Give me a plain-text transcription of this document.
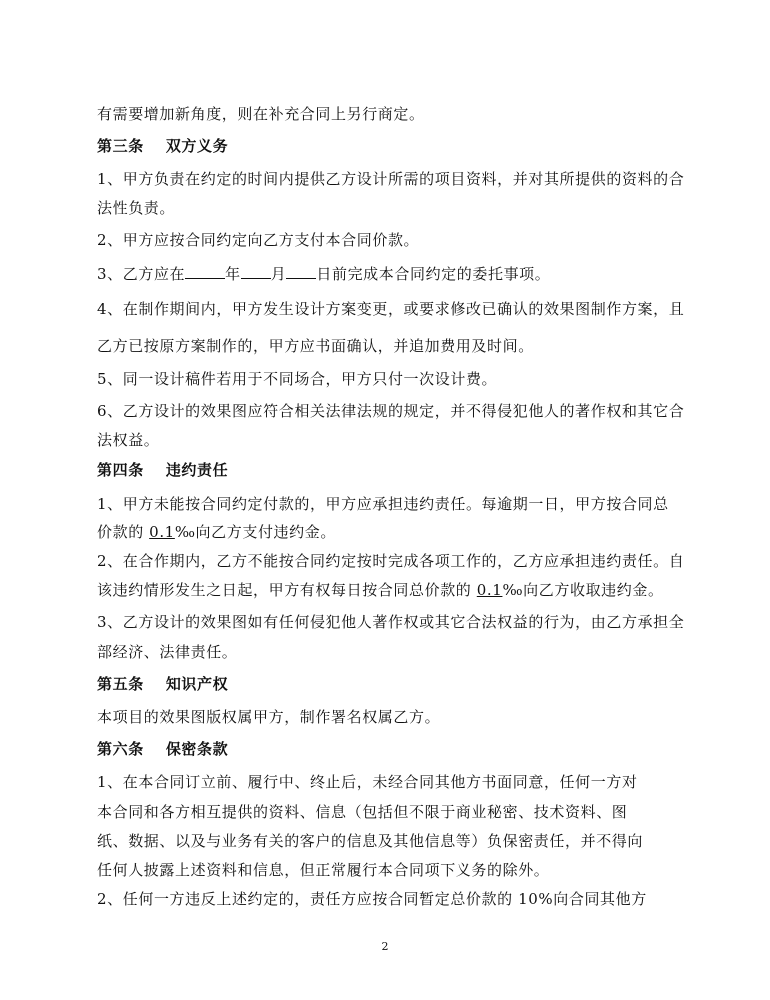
有需要增加新角度，则在补充合同上另行商定。
第三条 双方义务
1、甲方负责在约定的时间内提供乙方设计所需的项目资料，并对其所提供的资料的合
法性负责。
2、甲方应按合同约定向乙方支付本合同价款。
3、乙方应在	年 月 日前完成本合同约定的委托事项。
4、在制作期间内，甲方发生设计方案变更，或要求修改已确认的效果图制作方案，且
乙方已按原方案制作的，甲方应书面确认，并追加费用及时间。
5、同一设计稿件若用于不同场合，甲方只付一次设计费。
6、乙方设计的效果图应符合相关法律法规的规定，并不得侵犯他人的著作权和其它合
法权益。
第四条 违约责任
1、甲方未能按合同约定付款的，甲方应承担违约责任。每逾期一日，甲方按合同总
价款的 0.1‰向乙方支付违约金。
2、在合作期内，乙方不能按合同约定按时完成各项工作的，乙方应承担违约责任。自
该违约情形发生之日起，甲方有权每日按合同总价款的 0.1‰向乙方收取违约金。
3、乙方设计的效果图如有任何侵犯他人著作权或其它合法权益的行为，由乙方承担全
部经济、法律责任。
第五条 知识产权
本项目的效果图版权属甲方，制作署名权属乙方。
第六条 保密条款
1、在本合同订立前、履行中、终止后，未经合同其他方书面同意，任何一方对
本合同和各方相互提供的资料、信息（包括但不限于商业秘密、技术资料、图
纸、数据、以及与业务有关的客户的信息及其他信息等）负保密责任，并不得向
任何人披露上述资料和信息，但正常履行本合同项下义务的除外。
2、任何一方违反上述约定的，责任方应按合同暂定总价款的 10%向合同其他方
2
